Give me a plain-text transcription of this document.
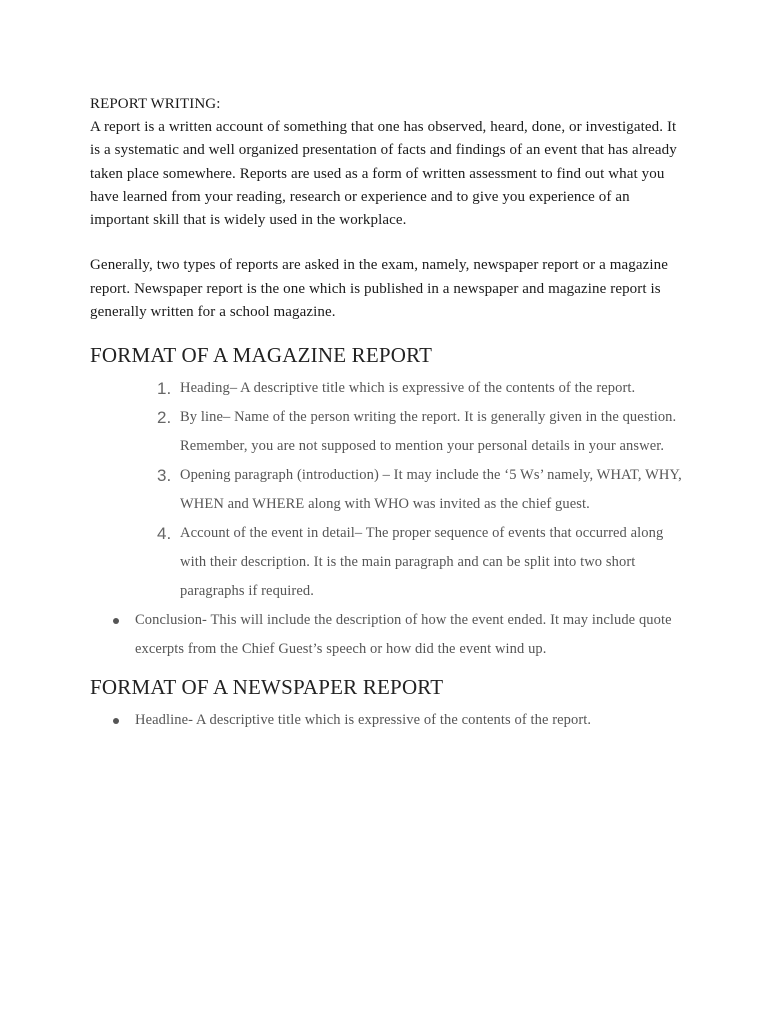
REPORT WRITING:

A report is a written account of something that one has observed, heard, done, or investigated. It is a systematic and well organized presentation of facts and findings of an event that has already taken place somewhere. Reports are used as a form of written assessment to find out what you have learned from your reading, research or experience and to give you experience of an important skill that is widely used in the workplace.

Generally, two types of reports are asked in the exam, namely, newspaper report or a magazine report. Newspaper report is the one which is published in a newspaper and magazine report is generally written for a school magazine.

FORMAT OF A MAGAZINE REPORT
1. Heading– A descriptive title which is expressive of the contents of the report.
2. By line– Name of the person writing the report. It is generally given in the question. Remember, you are not supposed to mention your personal details in your answer.
3. Opening paragraph (introduction) – It may include the ‘5 Ws’ namely, WHAT, WHY, WHEN and WHERE along with WHO was invited as the chief guest.
4. Account of the event in detail– The proper sequence of events that occurred along with their description. It is the main paragraph and can be split into two short paragraphs if required.
Conclusion- This will include the description of how the event ended. It may include quote excerpts from the Chief Guest’s speech or how did the event wind up.
FORMAT OF A NEWSPAPER REPORT
Headline- A descriptive title which is expressive of the contents of the report.
